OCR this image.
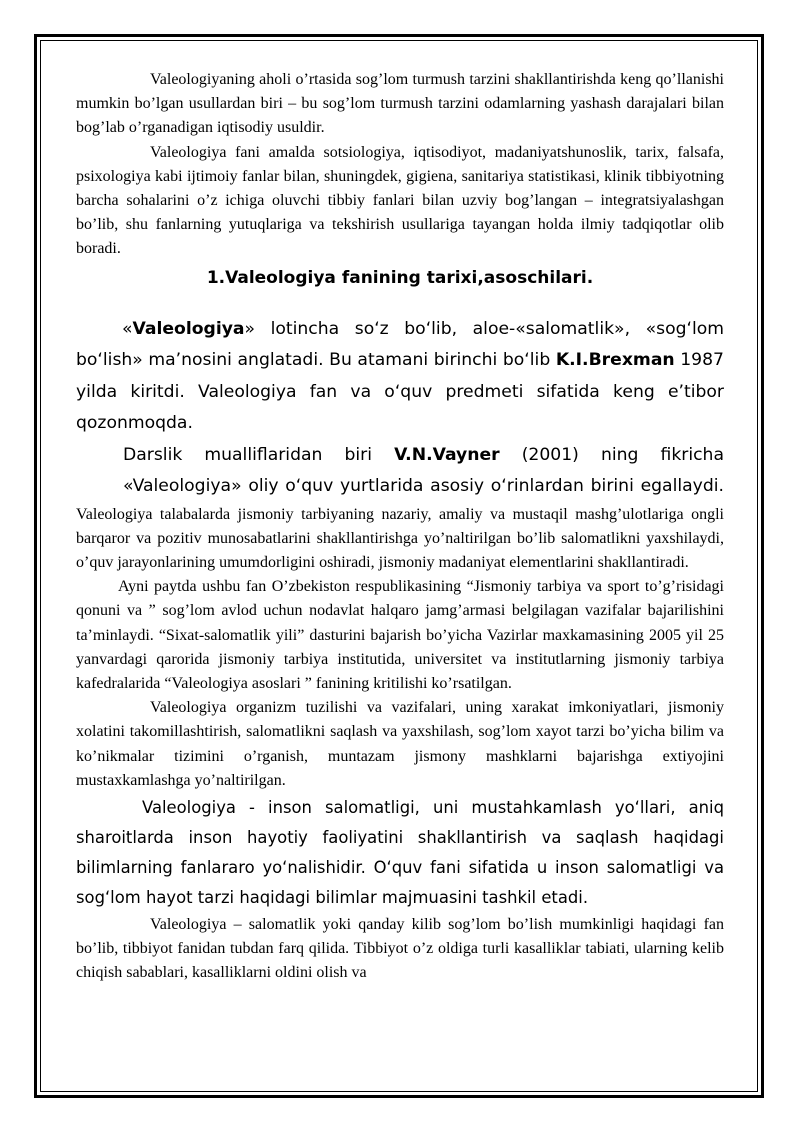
Valeologiyaning aholi o’rtasida sog’lom turmush tarzini shakllantirishda keng qo’llanishi mumkin bo’lgan usullardan biri – bu sog’lom turmush tarzini odamlarning yashash darajalari bilan bog’lab o’rganadigan iqtisodiy usuldir.

Valeologiya fani amalda sotsiologiya, iqtisodiyot, madaniyatshunoslik, tarix, falsafa, psixologiya kabi ijtimoiy fanlar bilan, shuningdek, gigiena, sanitariya statistikasi, klinik tibbiyotning barcha sohalarini o’z ichiga oluvchi tibbiy fanlari bilan uzviy bog’langan – integratsiyalashgan bo’lib, shu fanlarning yutuqlariga va tekshirish usullariga tayangan holda ilmiy tadqiqotlar olib boradi.

1.Valeologiya fanining tarixi,asoschilari.

«Valeologiya» lotincha so‘z bo‘lib, aloe-«salomatlik», «sog‘lom bo‘lish» ma’nosini anglatadi. Bu atamani birinchi bo‘lib K.I.Brexman 1987 yilda kiritdi. Valeologiya fan va o‘quv predmeti sifatida keng e’tibor qozonmoqda.

Darslik mualliflaridan biri V.N.Vayner (2001) ning fikricha

«Valeologiya» oliy o‘quv yurtlarida asosiy o‘rinlardan birini egallaydi.

Valeologiya talabalarda jismoniy tarbiyaning nazariy, amaliy va mustaqil mashg’ulotlariga ongli barqaror va pozitiv munosabatlarini shakllantirishga yo’naltirilgan bo’lib salomatlikni yaxshilaydi, o’quv jarayonlarining umumdorligini oshiradi, jismoniy madaniyat elementlarini shakllantiradi.

Ayni paytda ushbu fan O’zbekiston respublikasining “Jismoniy tarbiya va sport to’g’risidagi qonuni va ” sog’lom avlod uchun nodavlat halqaro jamg’armasi belgilagan vazifalar bajarilishini ta’minlaydi. “Sixat-salomatlik yili” dasturini bajarish bo’yicha Vazirlar maxkamasining 2005 yil 25 yanvardagi qarorida jismoniy tarbiya institutida, universitet va institutlarning jismoniy tarbiya kafedralarida “Valeologiya asoslari ” fanining kritilishi ko’rsatilgan.

Valeologiya organizm tuzilishi va vazifalari, uning xarakat imkoniyatlari, jismoniy xolatini takomillashtirish, salomatlikni saqlash va yaxshilash, sog’lom xayot tarzi bo’yicha bilim va ko’nikmalar tizimini o’rganish, muntazam jismony mashklarni bajarishga extiyojini mustaxkamlashga yo’naltirilgan.

Valeologiya - inson salomatligi, uni mustahkamlash yo‘llari, aniq sharoitlarda inson hayotiy faoliyatini shakllantirish va saqlash haqidagi bilimlarning fanlararo yo‘nalishidir. O‘quv fani sifatida u inson salomatligi va sog‘lom hayot tarzi haqidagi bilimlar majmuasini tashkil etadi.

Valeologiya – salomatlik yoki qanday kilib sog’lom bo’lish mumkinligi haqidagi fan bo’lib, tibbiyot fanidan tubdan farq qilida. Tibbiyot o’z oldiga turli kasalliklar tabiati, ularning kelib chiqish sabablari, kasalliklarni oldini olish va
